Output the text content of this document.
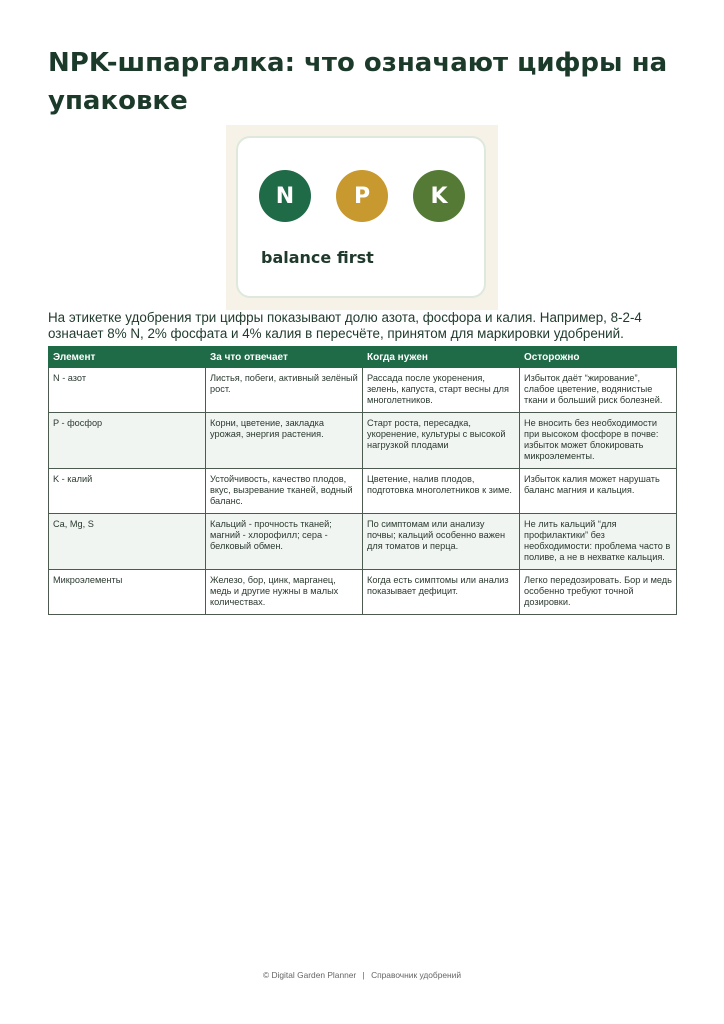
NPK-шпаргалка: что означают цифры на упаковке
N	P	K
balance first

На этикетке удобрения три цифры показывают долю азота, фосфора и калия. Например, 8-2-4 означает 8% N, 2% фосфата и 4% калия в пересчёте, принятом для маркировки удобрений.

Элемент	За что отвечает	Когда нужен	Осторожно
N - азот	Листья, побеги, активный зелёный рост.	Рассада после укоренения, зелень, капуста, старт весны для многолетников.	Избыток даёт “жирование”, слабое цветение, водянистые ткани и больший риск болезней.
P - фосфор	Корни, цветение, закладка урожая, энергия растения.	Старт роста, пересадка, укоренение, культуры с высокой нагрузкой плодами	Не вносить без необходимости при высоком фосфоре в почве: избыток может блокировать микроэлементы.
K - калий	Устойчивость, качество плодов, вкус, вызревание тканей, водный баланс.	Цветение, налив плодов, подготовка многолетников к зиме.	Избыток калия может нарушать баланс магния и кальция.
Ca, Mg, S	Кальций - прочность тканей; магний - хлорофилл; сера - белковый обмен.	По симптомам или анализу почвы; кальций особенно важен для томатов и перца.	Не лить кальций “для профилактики” без необходимости: проблема часто в поливе, а не в нехватке кальция.
Микроэлементы	Железо, бор, цинк, марганец, медь и другие нужны в малых количествах.	Когда есть симптомы или анализ показывает дефицит.	Легко передозировать. Бор и медь особенно требуют точной дозировки.
© Digital Garden Planner | Справочник удобрений
